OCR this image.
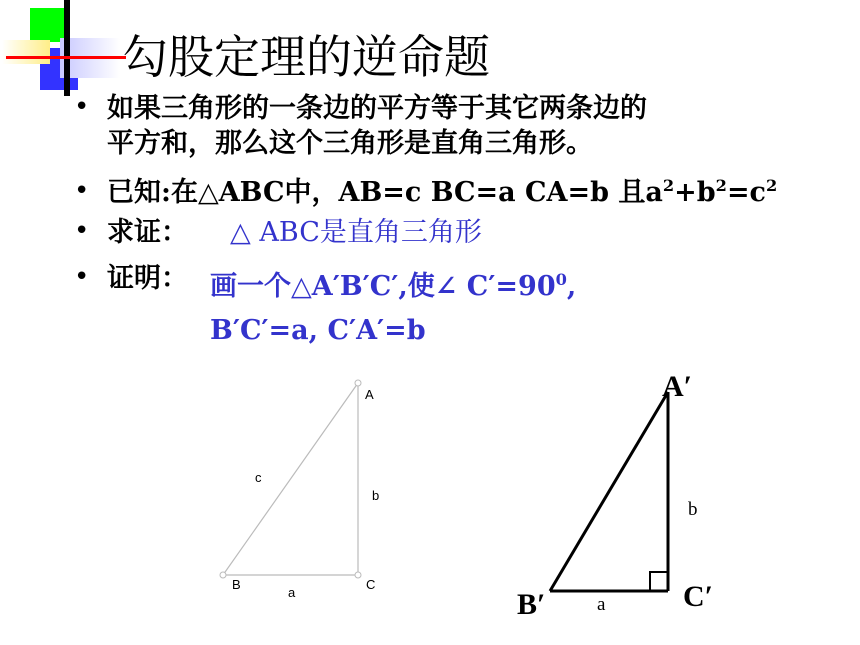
勾股定理的逆命题
• 如果三角形的一条边的平方等于其它两条边的
平方和，那么这个三角形是直角三角形。
• 已知:在△ABC中，AB=c BC=a CA=b 且$a^2+b^2=c^2$
• 求证： △ ABC是直角三角形
• 证明： 画一个△A′B′C′,使∠ $C'=90^0$,
B′C′=a, C′A′=b
A
B	C
c
b
a
A′
B′	C′
b
a
